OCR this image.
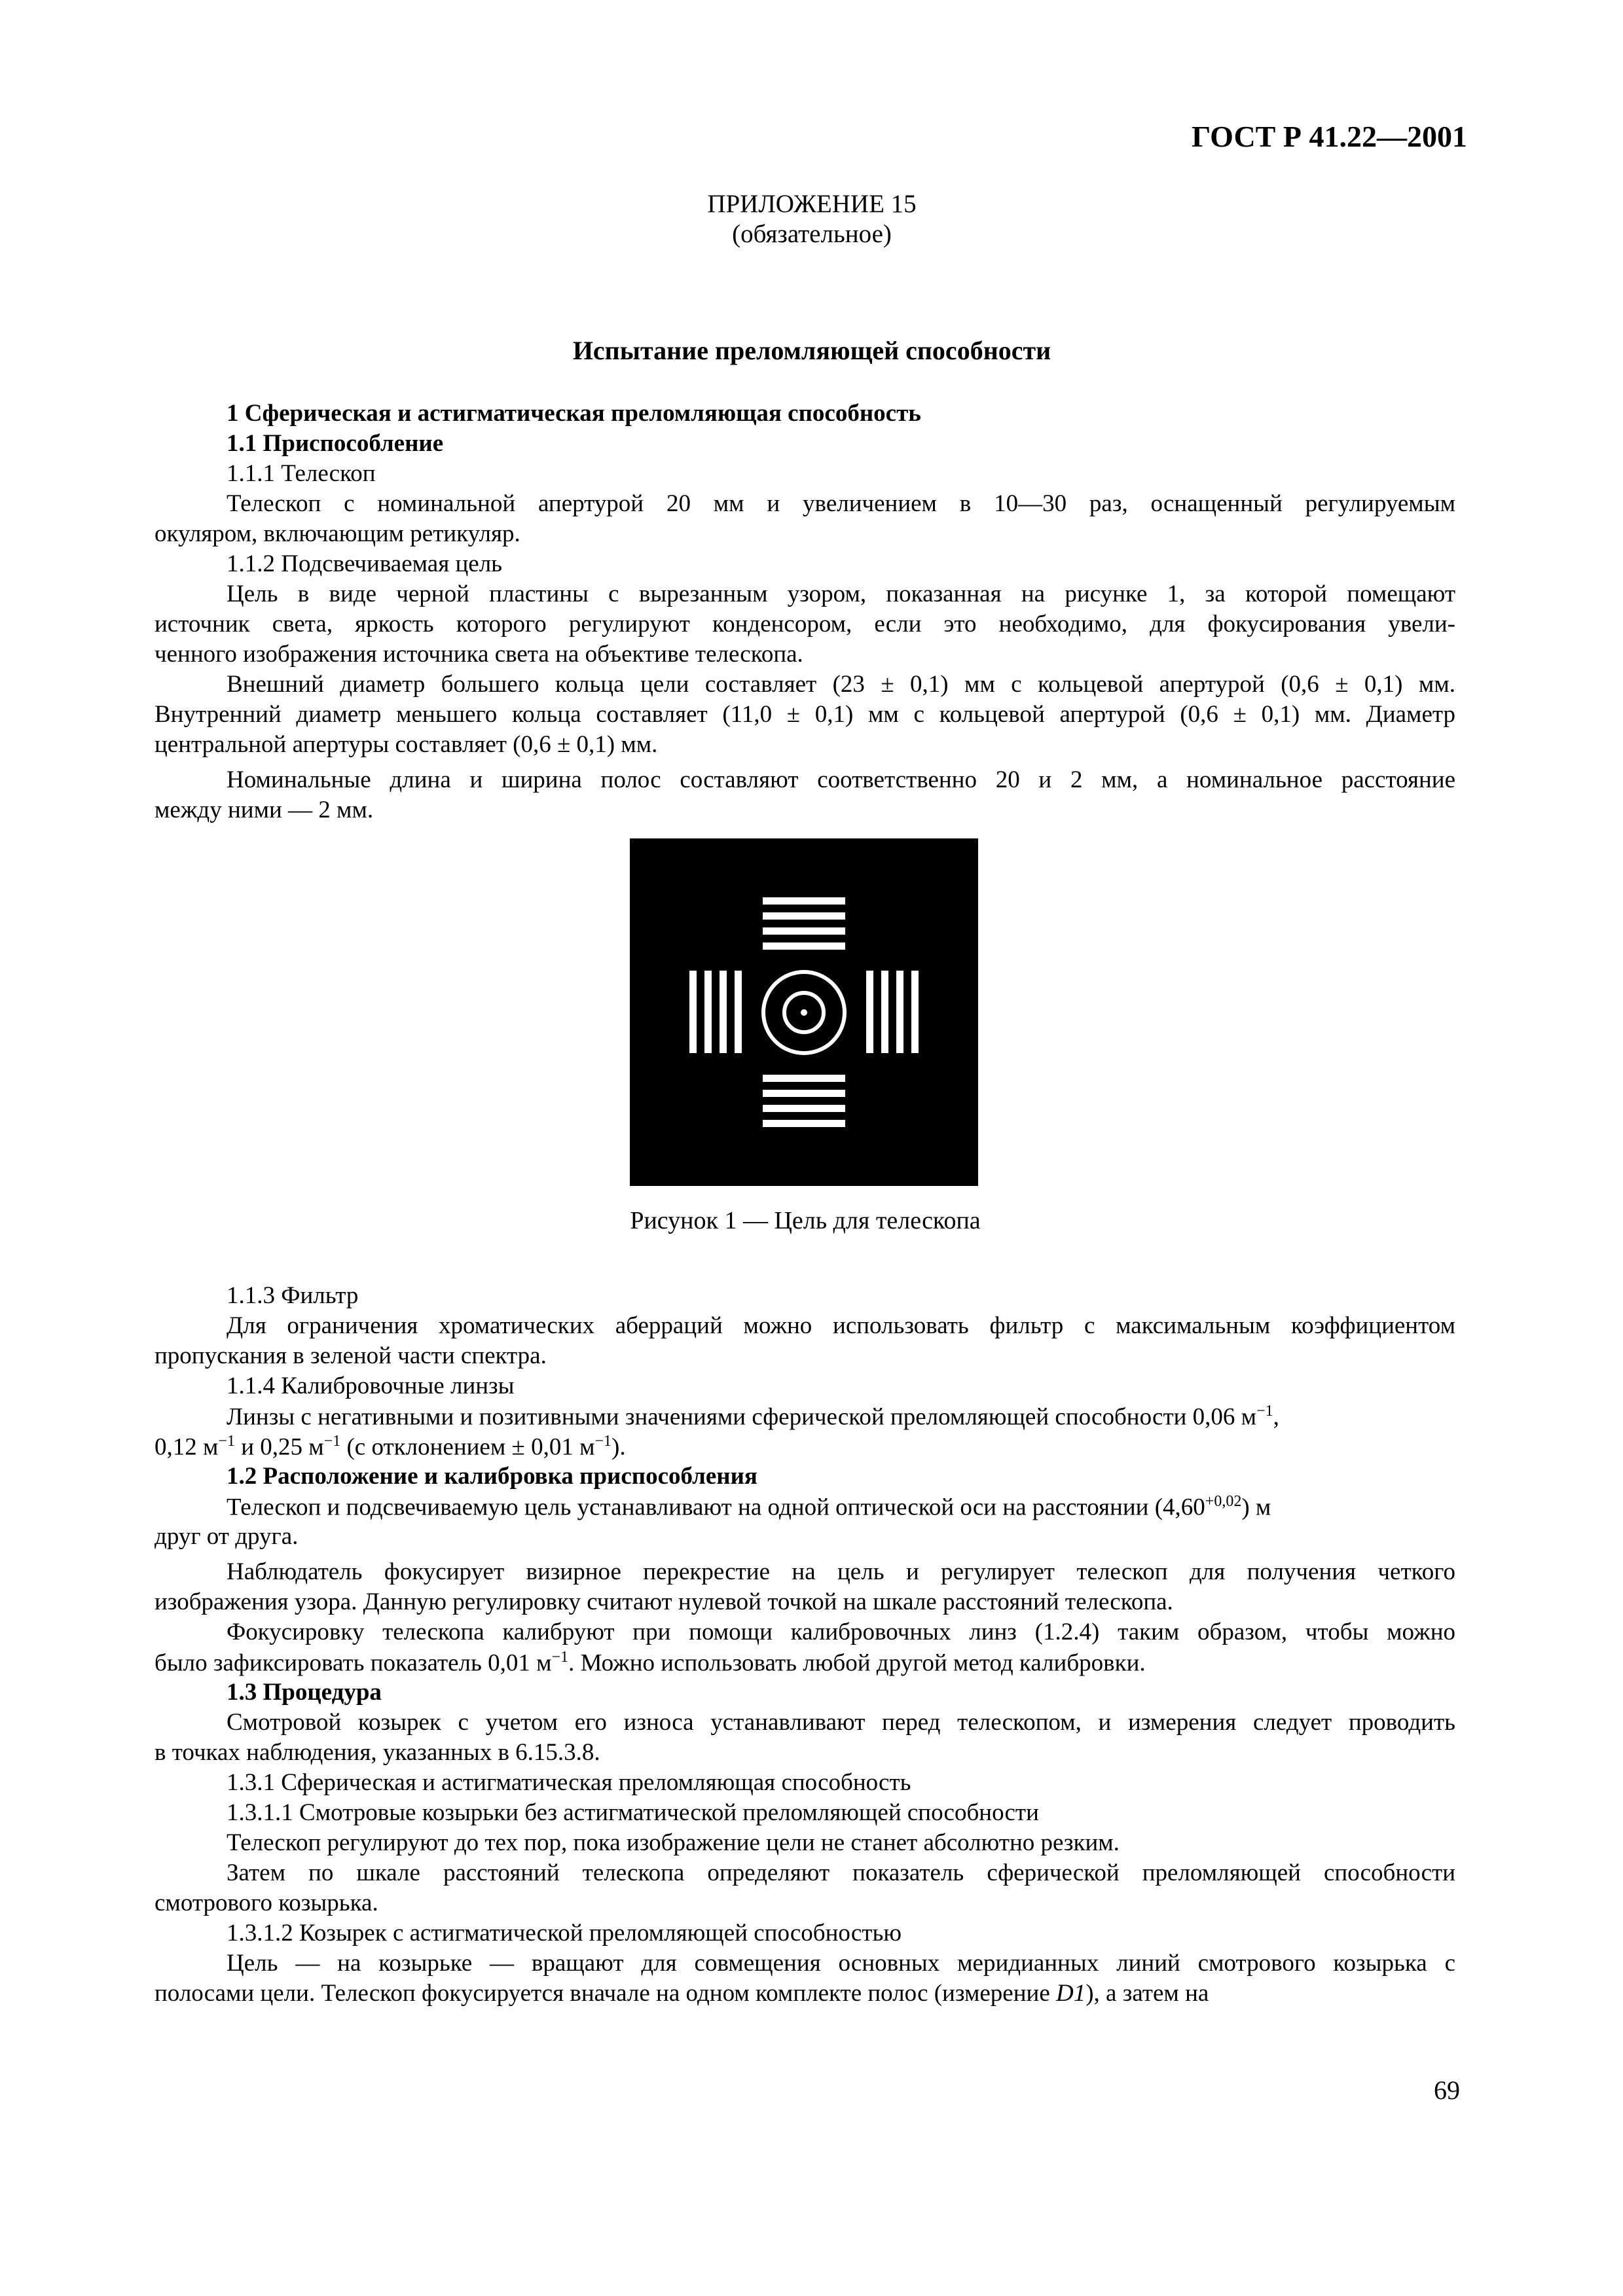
ГОСТ Р 41.22—2001
ПРИЛОЖЕНИЕ 15
(обязательное)
Испытание преломляющей способности
1 Сферическая и астигматическая преломляющая способность
1.1 Приспособление
1.1.1 Телескоп
Телескоп с номинальной апертурой 20 мм и увеличением в 10—30 раз, оснащенный регулируемым
окуляром, включающим ретикуляр.
1.1.2 Подсвечиваемая цель
Цель в виде черной пластины с вырезанным узором, показанная на рисунке 1, за которой помещают
источник света, яркость которого регулируют конденсором, если это необходимо, для фокусирования увели-
ченного изображения источника света на объективе телескопа.
Внешний диаметр большего кольца цели составляет (23 ± 0,1) мм с кольцевой апертурой (0,6 ± 0,1) мм.
Внутренний диаметр меньшего кольца составляет (11,0 ± 0,1) мм с кольцевой апертурой (0,6 ± 0,1) мм. Диаметр
центральной апертуры составляет (0,6 ± 0,1) мм.
Номинальные длина и ширина полос составляют соответственно 20 и 2 мм, а номинальное расстояние
между ними — 2 мм.
Рисунок 1 — Цель для телескопа
1.1.3 Фильтр
Для ограничения хроматических аберраций можно использовать фильтр с максимальным коэффициентом
пропускания в зеленой части спектра.
1.1.4 Калибровочные линзы
Линзы с негативными и позитивными значениями сферической преломляющей способности 0,06 $м^{-1}$,
0,12 $м^{-1}$ и 0,25 $м^{-1}$ (с отклонением ± 0,01 $м^{-1}$).
1.2 Расположение и калибровка приспособления
Телескоп и подсвечиваемую цель устанавливают на одной оптической оси на расстоянии $(4,60^{+0,02})$ м
друг от друга.
Наблюдатель фокусирует визирное перекрестие на цель и регулирует телескоп для получения четкого
изображения узора. Данную регулировку считают нулевой точкой на шкале расстояний телескопа.
Фокусировку телескопа калибруют при помощи калибровочных линз (1.2.4) таким образом, чтобы можно
было зафиксировать показатель 0,01 $м^{-1}$. Можно использовать любой другой метод калибровки.
1.3 Процедура
Смотровой козырек с учетом его износа устанавливают перед телескопом, и измерения следует проводить
в точках наблюдения, указанных в 6.15.3.8.
1.3.1 Сферическая и астигматическая преломляющая способность
1.3.1.1 Смотровые козырьки без астигматической преломляющей способности
Телескоп регулируют до тех пор, пока изображение цели не станет абсолютно резким.
Затем по шкале расстояний телескопа определяют показатель сферической преломляющей способности
смотрового козырька.
1.3.1.2 Козырек с астигматической преломляющей способностью
Цель — на козырьке — вращают для совмещения основных меридианных линий смотрового козырька с
полосами цели. Телескоп фокусируется вначале на одном комплекте полос (измерение D1), а затем на
69
